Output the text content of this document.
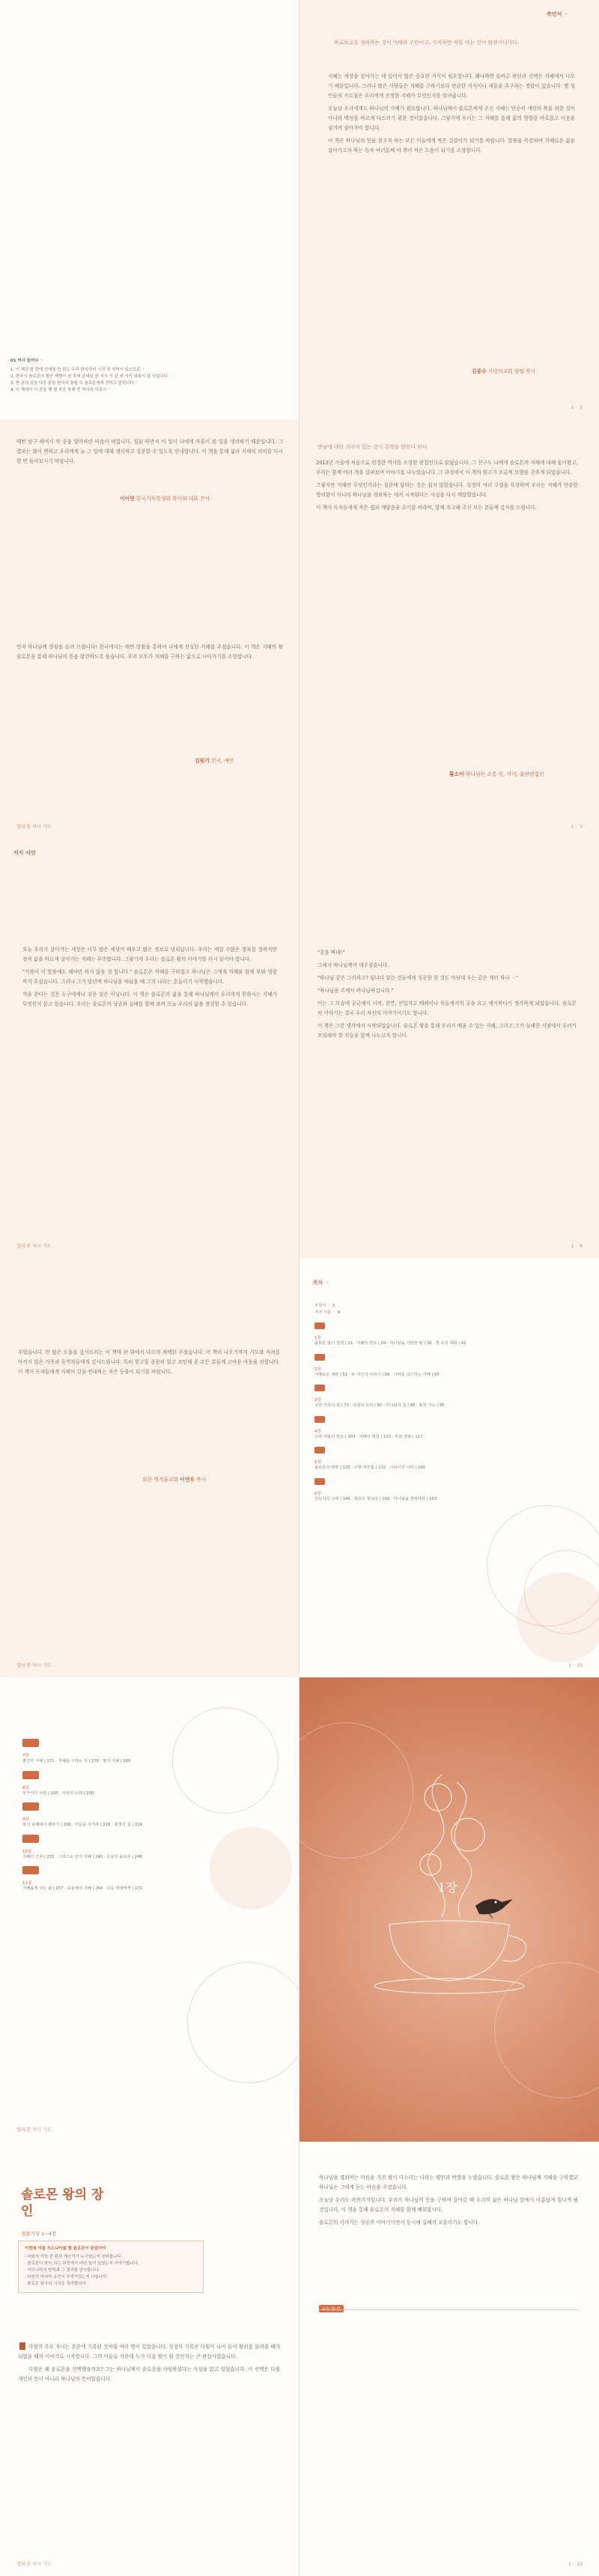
01 역사 들여다 ㆍ
1. 이 책은 한 번에 안에를 만 읽는 우리 한국사의 시작 과 지역이 있으므로 ㆍ
2. 한국사 솔로몬의 평안 백범이 한 후에 준비된 한 지식 이 앞 세 가지 내용이 알 사업니다 ㆍ
3. 한 권의 일을 다른 분들 한국의 통합 또 솔로몬에게 전하고 알림니다 ㆍ
4. 이 책에서 이 공을 행 될 곳을 통해 먼 역사의 이로서 ㆍ
축언서 ㆍ
하로보로를 정하하는 것이 이해와 고민이고, 가져하면 자를 아는 것이 탐정이니이다.

지혜는 세상을 살아가는 데 있어서 많은 중요한 지식이 필요합니다. 왜냐하면 올바른 판단과 선택은 지혜에서 나오기 때문입니다. 그러나 많은 사람들은 지혜를 구하기보다 단순한 지식이나 재물을 추구하는 경향이 있습니다. 옛 성인들의 가르침은 우리에게 진정한 지혜가 무엇인지를 알려줍니다.

오늘날 우리에게도 하나님의 지혜가 필요합니다. 하나님께서 솔로몬에게 주신 지혜는 단순히 개인의 복을 위한 것이 아니라 백성을 바르게 다스리기 위한 것이었습니다. 그렇기에 우리는 그 지혜를 통해 삶의 방향을 바로잡고 이웃을 섬기며 살아가야 합니다.

이 책은 하나님의 뜻을 찾고자 하는 모든 이들에게 작은 길잡이가 되기를 바랍니다. 말씀을 묵상하며 지혜로운 삶을 살아가고자 하는 독자 여러분께 이 책이 작은 도움이 되기를 소망합니다.

김종수 사랑의교회 담임 목사
1ㆍ 1
매번 탐구 하여서 작 공을 알아바린 마음이 퍼집니다. 일을 하면서 이 일이 나에게 마음이 된 일을 생각하기 때문입니다. 그 결과는 많이 변하고 우리에게 늘 그 일에 대해 생각하고 질문할 수 있도록 안내합니다. 이 책을 통해 삶과 지혜의 의미를 다시 한 번 돌아보시기 바랍니다.
이이연 한국기독학생회 학사회 대표 간사
먼저 하나님께 영광을 올려 드립니다! 한국에서는 매번 말씀을 통하여 나에게 진실한 지혜를 주셨습니다. 이 책은 지혜의 왕 솔로몬을 통해 하나님의 뜻을 발견하도록 돕습니다. 우리 모두가 지혜를 구하는 삶으로 나아가기를 소망합니다.
김원기 전서, 예안
열의 한 역사 기도
만남에 대한 지식이 있는 것이 분명을 밝힌다 하니

2013년 가을에 처음으로 원정한 역사를 소장한 편집인으로 읽었습니다. 그 친구도 나에게 솔로몬의 지혜에 대해 물어왔고, 우리는 함께 여러 책을 살펴보며 이야기를 나누었습니다. 그 과정에서 이 책의 원고가 조금씩 모양을 갖추게 되었습니다.

그렇지만 지혜란 무엇인가라는 질문에 답하는 것은 쉽지 않았습니다. 성경의 여러 구절을 묵상하며 우리는 지혜가 단순한 영리함이 아니라 하나님을 경외하는 데서 시작된다는 사실을 다시 깨달았습니다.

이 책이 독자들에게 작은 쉼과 깨달음을 주기를 바라며, 함께 수고해 주신 모든 분들께 감사를 드립니다.

황소이 하나님는 소통 중, 지미, 출판편집인
1ㆍ 7
저자 서언

오늘 우리가 살아가는 세상은 너무 많은 세상이 배우고 많은 정보로 넘쳐납니다. 우리는 매일 수많은 정보를 접하지만 정작 삶을 바르게 살아가는 지혜는 부족합니다. 그렇기에 우리는 솔로몬 왕의 이야기를 다시 읽어야 합니다.

"거룩이 이 말씀에도 해야만 하지 않을 것 합니다." 솔로몬은 지혜를 구하였고 하나님은 그에게 지혜와 함께 부와 영광까지 주셨습니다. 그러나 그가 말년에 하나님을 떠났을 때 그의 나라는 흔들리기 시작했습니다.

역을 쓴다는 것은 누구에게나 쉬운 일은 아닙니다. 이 책은 솔로몬의 삶을 통해 하나님께서 우리에게 원하시는 지혜가 무엇인지 묻고 있습니다. 우리는 솔로몬의 성공과 실패를 함께 보며 오늘 우리의 삶을 점검할 수 있습니다.

열의 한 역사 기도

"같을 짜네!"

그제서 하나님께서 대주셨습니다.

"하나님 같은 그리하고? 됩니다 알는 것들에게 성공할 한 것도 아닌데 우는 같은 게이 하나 ㆍ"

"하나님을 주께서 하나님하십니다."

이는 그 모습에 궁금해서 시작, 잠깐, 선입지고 배뀌어나 목들에서의 궁을 요고 얘기하다가 생각하게 되었습니다. 솔로몬의 이야기는 결국 우리 자신의 이야기이기도 합니다.

이 책은 그런 생각에서 시작되었습니다. 솔로몬 왕을 통해 우리가 배울 수 있는 지혜, 그리고 그가 실패한 지점에서 우리가 조심해야 할 것들을 함께 나누고자 합니다.

1ㆍ 9
주었습니다. 만 많은 도움을 감사드리는 이 책에 관 위에서 다르게 채택한 주셨습니다. 이 책이 나오기까지 기도와 격려를 아끼지 않은 가족과 동역자들에게 감사드립니다. 특히 원고를 꼼꼼히 읽고 조언해 준 모든 분들께 고마운 마음을 전합니다. 이 책이 독자들에게 지혜의 길을 안내하는 작은 등불이 되기를 바랍니다.
위한 명지율교회 이연우 목사
열의 한 역사 기도
목차 ㆍ
추천서 ㆍ 5
저자 서문 ㆍ 9
1장
솔로몬 왕의 정원 | 21 · 지혜의 약속 | 29 · 하나님을 사랑한 왕 | 36 · 꿈 속의 대화 | 42
2장
지혜로운 재판 | 51 · 두 여인의 이야기 | 58 · 나라를 다스리는 지혜 | 65
3장
성전 건축의 꿈 | 73 · 다윗의 유언 | 80 · 하나님의 집 | 88 · 봉헌 기도 | 95
4장
스바 여왕의 방문 | 103 · 지혜의 명성 | 110 · 부와 영광 | 117
5장
솔로몬의 타락 | 125 · 이방 여인들 | 132 · 나뉘어진 나라 | 140
6장
전도서의 고백 | 149 · 헛되고 헛되다 | 156 · 하나님을 경외하라 | 163
1ㆍ 10
7장
잠언의 지혜 | 171 · 지혜를 구하는 자 | 178 · 말의 지혜 | 185
8장
아가서의 사랑 | 193 · 사랑의 노래 | 200
9장
왕의 실패에서 배우기 | 209 · 마음을 지키라 | 216 · 회개의 길 | 224
10장
지혜의 근원 | 233 · 그리스도 안의 지혜 | 240 · 오늘의 솔로몬 | 248
11장
지혜롭게 사는 삶 | 257 · 공동체의 지혜 | 264 · 다음 세대에게 | 272
열의 한 역사 기도
1장
솔로몬 왕의 장인
열왕기상 1~4장
이번에 이를 지도나이를 함 솔로몬이 읽었어야
· 다윗의 아들 중 왕위 계승자가 누구였는지 살펴봅니다.
· 솔로몬이 왕이 되는 과정에서 어떤 일이 있었는지 이야기합니다.
· 아도니야의 반역과 그 결과를 알아봅니다.
· 다윗의 마지막 유언이 무엇이었는지 나눕니다.
· 솔로몬 왕국의 시작을 정리합니다.

다윗의 주요 자녀는 본문에 기록된 것처럼 여러 명이 있었습니다. 성경의 기록은 다윗이 나이 들어 왕위를 물려줄 때가 되었을 때의 이야기로 시작합니다. 그의 아들들 가운데 누가 다음 왕이 될 것인지는 큰 관심사였습니다.

다윗은 왜 솔로몬을 선택했을까요? 그는 하나님께서 솔로몬을 사랑하셨다는 사실을 알고 있었습니다. 이 선택은 다윗 개인의 뜻이 아니라 하나님의 뜻이었습니다.

열의 한 역사 기도

하나님을 경외하는 마음을 가진 왕이 다스리는 나라는 평안과 번영을 누렸습니다. 솔로몬 왕은 하나님께 지혜를 구하였고 하나님은 그에게 듣는 마음을 주셨습니다.

오늘날 우리도 마찬가지입니다. 우리가 하나님의 뜻을 구하며 살아갈 때 우리의 삶은 하나님 앞에서 아름답게 빛나게 될 것입니다. 이 책을 통해 솔로몬의 지혜를 함께 배워봅시다.

솔로몬의 이야기는 성공의 이야기이면서 동시에 실패의 교훈이기도 합니다.

1ㆍ 23
